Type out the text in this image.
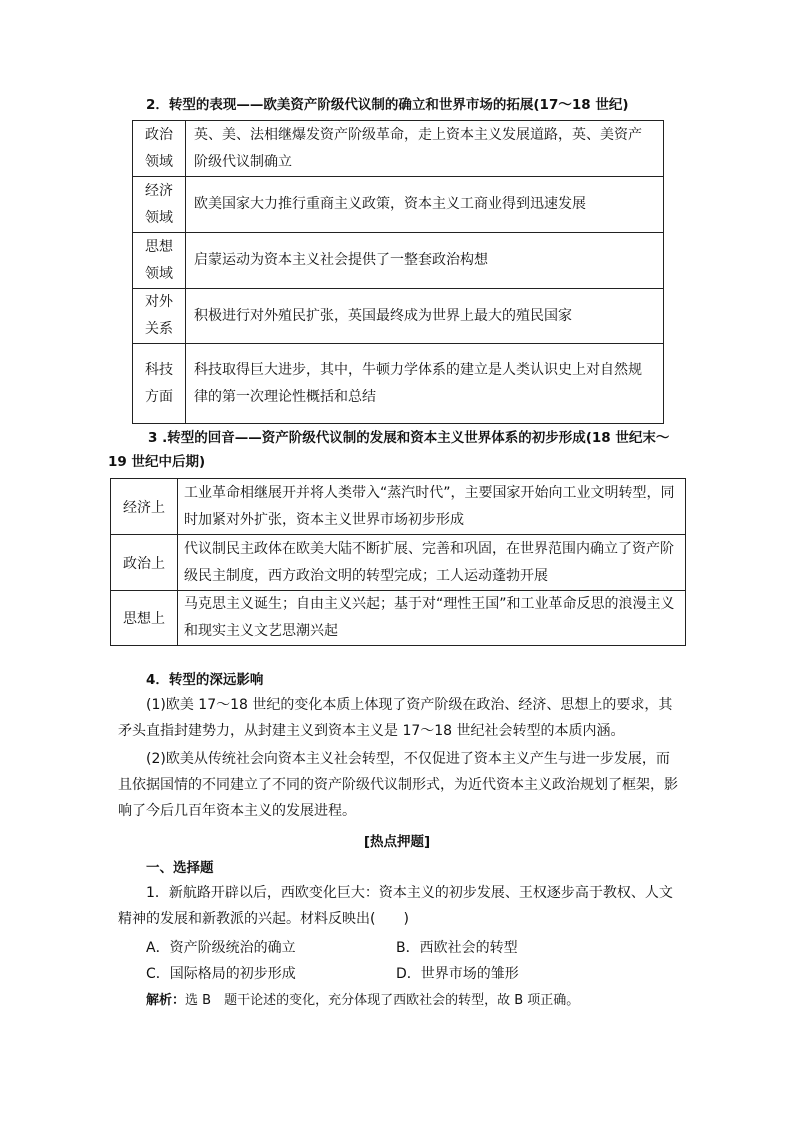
2．转型的表现——欧美资产阶级代议制的确立和世界市场的拓展(17～18 世纪)
政治
领域	英、美、法相继爆发资产阶级革命，走上资本主义发展道路，英、美资产阶级代议制确立
经济
领域	欧美国家大力推行重商主义政策，资本主义工商业得到迅速发展
思想
领域	启蒙运动为资本主义社会提供了一整套政治构想
对外
关系	积极进行对外殖民扩张，英国最终成为世界上最大的殖民国家
科技
方面	科技取得巨大进步，其中，牛顿力学体系的建立是人类认识史上对自然规律的第一次理论性概括和总结
3 .转型的回音——资产阶级代议制的发展和资本主义世界体系的初步形成(18 世纪末～
19 世纪中后期)
经济上	工业革命相继展开并将人类带入“蒸汽时代”，主要国家开始向工业文明转型，同时加紧对外扩张，资本主义世界市场初步形成
政治上	代议制民主政体在欧美大陆不断扩展、完善和巩固，在世界范围内确立了资产阶级民主制度，西方政治文明的转型完成；工人运动蓬勃开展
思想上	马克思主义诞生；自由主义兴起；基于对“理性王国”和工业革命反思的浪漫主义和现实主义文艺思潮兴起
4．转型的深远影响
(1)欧美 17～18 世纪的变化本质上体现了资产阶级在政治、经济、思想上的要求，其矛头直指封建势力，从封建主义到资本主义是 17～18 世纪社会转型的本质内涵。
(2)欧美从传统社会向资本主义社会转型，不仅促进了资本主义产生与进一步发展，而且依据国情的不同建立了不同的资产阶级代议制形式，为近代资本主义政治规划了框架，影响了今后几百年资本主义的发展进程。
[热点押题]
一、选择题
1．新航路开辟以后，西欧变化巨大：资本主义的初步发展、王权逐步高于教权、人文精神的发展和新教派的兴起。材料反映出(　　)
A．资产阶级统治的确立	B．西欧社会的转型
C．国际格局的初步形成	D．世界市场的雏形
解析：选 B　题干论述的变化，充分体现了西欧社会的转型，故 B 项正确。
